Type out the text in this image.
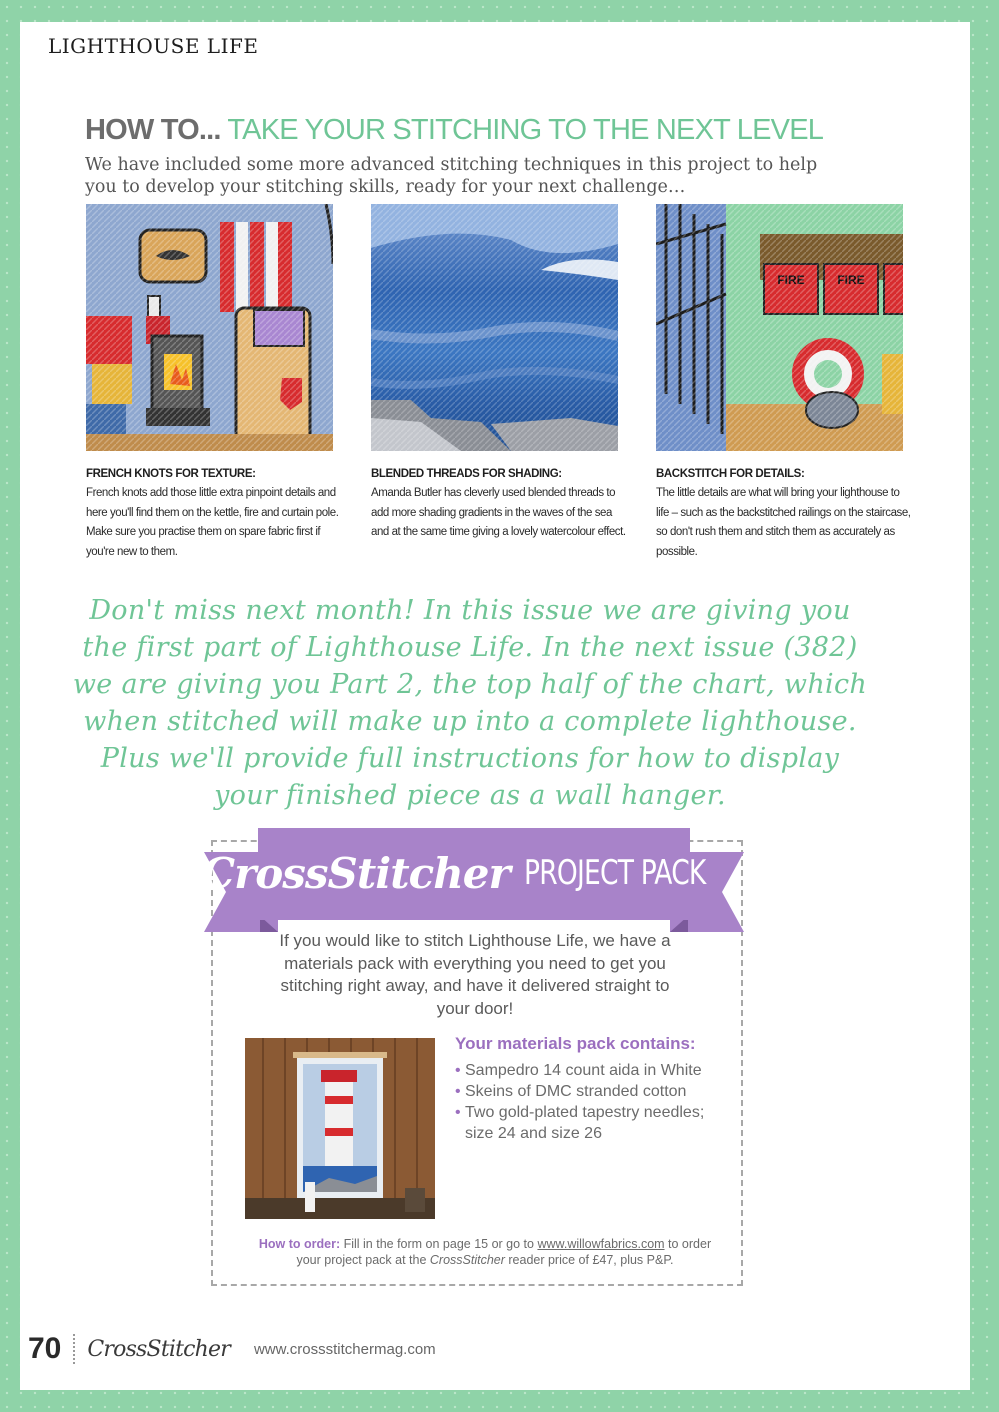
LIGHTHOUSE LIFE
HOW TO... TAKE YOUR STITCHING TO THE NEXT LEVEL
We have included some more advanced stitching techniques in this project to help you to develop your stitching skills, ready for your next challenge…
FRENCH KNOTS FOR TEXTURE:

French knots add those little extra pinpoint details and here you'll find them on the kettle, fire and curtain pole. Make sure you practise them on spare fabric first if you're new to them.

BLENDED THREADS FOR SHADING:

Amanda Butler has cleverly used blended threads to add more shading gradients in the waves of the sea and at the same time giving a lovely watercolour effect.

BACKSTITCH FOR DETAILS:

The little details are what will bring your lighthouse to life – such as the backstitched railings on the staircase, so don't rush them and stitch them as accurately as possible.

Don't miss next month! In this issue we are giving you the first part of Lighthouse Life. In the next issue (382) we are giving you Part 2, the top half of the chart, which when stitched will make up into a complete lighthouse. Plus we'll provide full instructions for how to display your finished piece as a wall hanger.
CrossStitcher PROJECT PACK
If you would like to stitch Lighthouse Life, we have a materials pack with everything you need to get you stitching right away, and have it delivered straight to your door!
Your materials pack contains:
• Sampedro 14 count aida in White
• Skeins of DMC stranded cotton
• Two gold-plated tapestry needles; size 24 and size 26
How to order: Fill in the form on page 15 or go to www.willowfabrics.com to order your project pack at the CrossStitcher reader price of £47, plus P&P.
70 CrossStitcher www.crossstitchermag.com
